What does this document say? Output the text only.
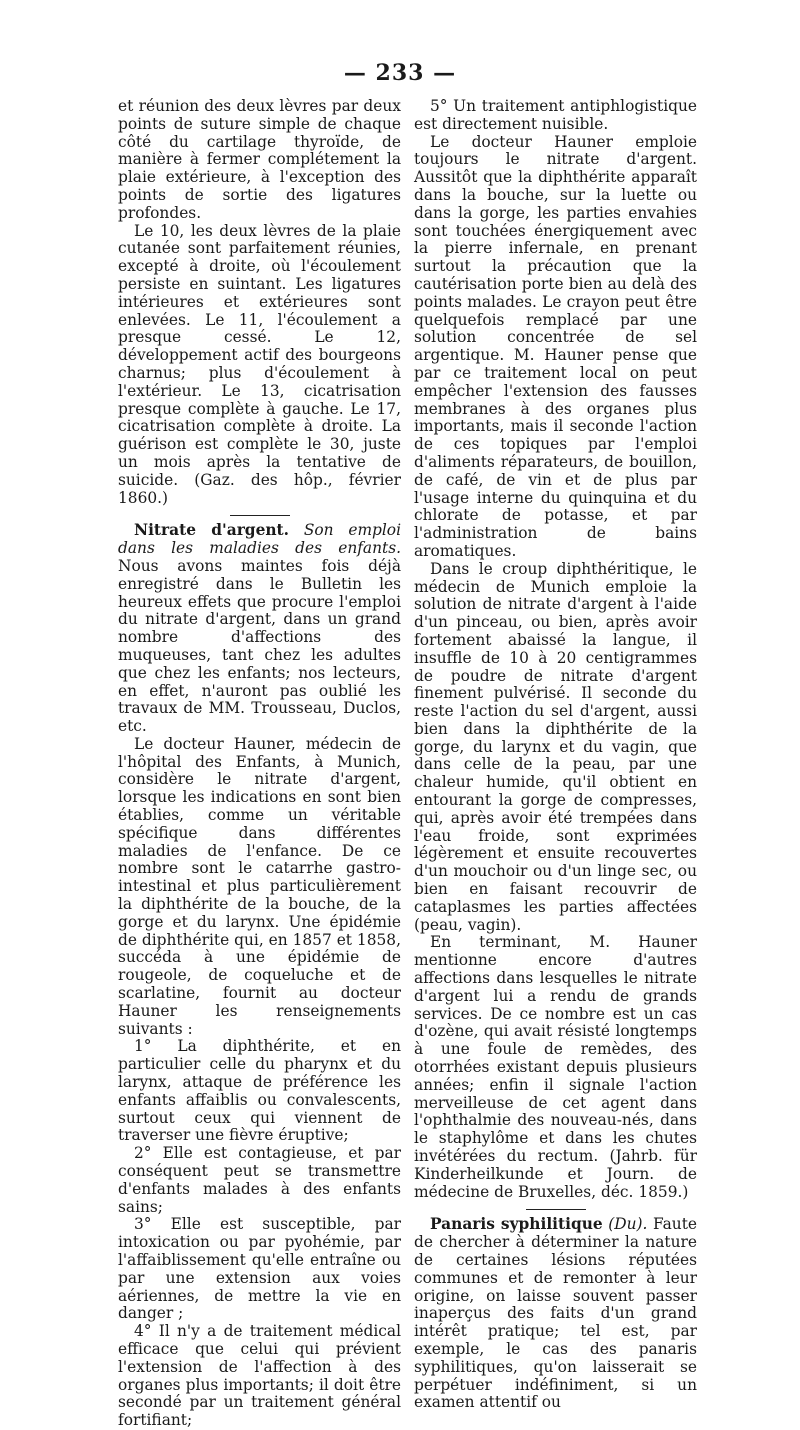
— 233 —

et réunion des deux lèvres par deux points de suture simple de chaque côté du cartilage thyroïde, de manière à fermer complétement la plaie extérieure, à l'exception des points de sortie des ligatures profondes.

Le 10, les deux lèvres de la plaie cutanée sont parfaitement réunies, excepté à droite, où l'écoulement persiste en suintant. Les ligatures intérieures et extérieures sont enlevées. Le 11, l'écoulement a presque cessé. Le 12, développement actif des bourgeons charnus; plus d'écoulement à l'extérieur. Le 13, cicatrisation presque complète à gauche. Le 17, cicatrisation complète à droite. La guérison est complète le 30, juste un mois après la tentative de suicide. (Gaz. des hôp., février 1860.)

Nitrate d'argent. Son emploi dans les maladies des enfants. Nous avons maintes fois déjà enregistré dans le Bulletin les heureux effets que procure l'emploi du nitrate d'argent, dans un grand nombre d'affections des muqueuses, tant chez les adultes que chez les enfants; nos lecteurs, en effet, n'auront pas oublié les travaux de MM. Trousseau, Duclos, etc.

Le docteur Hauner, médecin de l'hôpital des Enfants, à Munich, considère le nitrate d'argent, lorsque les indications en sont bien établies, comme un véritable spécifique dans différentes maladies de l'enfance. De ce nombre sont le catarrhe gastro-intestinal et plus particulièrement la diphthérite de la bouche, de la gorge et du larynx. Une épidémie de diphthérite qui, en 1857 et 1858, succéda à une épidémie de rougeole, de coqueluche et de scarlatine, fournit au docteur Hauner les renseignements suivants :

1° La diphthérite, et en particulier celle du pharynx et du larynx, attaque de préférence les enfants affaiblis ou convalescents, surtout ceux qui viennent de traverser une fièvre éruptive;

2° Elle est contagieuse, et par conséquent peut se transmettre d'enfants malades à des enfants sains;

3° Elle est susceptible, par intoxication ou par pyohémie, par l'affaiblissement qu'elle entraîne ou par une extension aux voies aériennes, de mettre la vie en danger ;

4° Il n'y a de traitement médical efficace que celui qui prévient l'extension de l'affection à des organes plus importants; il doit être secondé par un traitement général fortifiant;

5° Un traitement antiphlogistique est directement nuisible.

Le docteur Hauner emploie toujours le nitrate d'argent. Aussitôt que la diphthérite apparaît dans la bouche, sur la luette ou dans la gorge, les parties envahies sont touchées énergiquement avec la pierre infernale, en prenant surtout la précaution que la cautérisation porte bien au delà des points malades. Le crayon peut être quelquefois remplacé par une solution concentrée de sel argentique. M. Hauner pense que par ce traitement local on peut empêcher l'extension des fausses membranes à des organes plus importants, mais il seconde l'action de ces topiques par l'emploi d'aliments réparateurs, de bouillon, de café, de vin et de plus par l'usage interne du quinquina et du chlorate de potasse, et par l'administration de bains aromatiques.

Dans le croup diphthéritique, le médecin de Munich emploie la solution de nitrate d'argent à l'aide d'un pinceau, ou bien, après avoir fortement abaissé la langue, il insuffle de 10 à 20 centigrammes de poudre de nitrate d'argent finement pulvérisé. Il seconde du reste l'action du sel d'argent, aussi bien dans la diphthérite de la gorge, du larynx et du vagin, que dans celle de la peau, par une chaleur humide, qu'il obtient en entourant la gorge de compresses, qui, après avoir été trempées dans l'eau froide, sont exprimées légèrement et ensuite recouvertes d'un mouchoir ou d'un linge sec, ou bien en faisant recouvrir de cataplasmes les parties affectées (peau, vagin).

En terminant, M. Hauner mentionne encore d'autres affections dans lesquelles le nitrate d'argent lui a rendu de grands services. De ce nombre est un cas d'ozène, qui avait résisté longtemps à une foule de remèdes, des otorrhées existant depuis plusieurs années; enfin il signale l'action merveilleuse de cet agent dans l'ophthalmie des nouveau-nés, dans le staphylôme et dans les chutes invétérées du rectum. (Jahrb. für Kinderheilkunde et Journ. de médecine de Bruxelles, déc. 1859.)

Panaris syphilitique (Du). Faute de chercher à déterminer la nature de certaines lésions réputées communes et de remonter à leur origine, on laisse souvent passer inaperçus des faits d'un grand intérêt pratique; tel est, par exemple, le cas des panaris syphilitiques, qu'on laisserait se perpétuer indéfiniment, si un examen attentif ou
